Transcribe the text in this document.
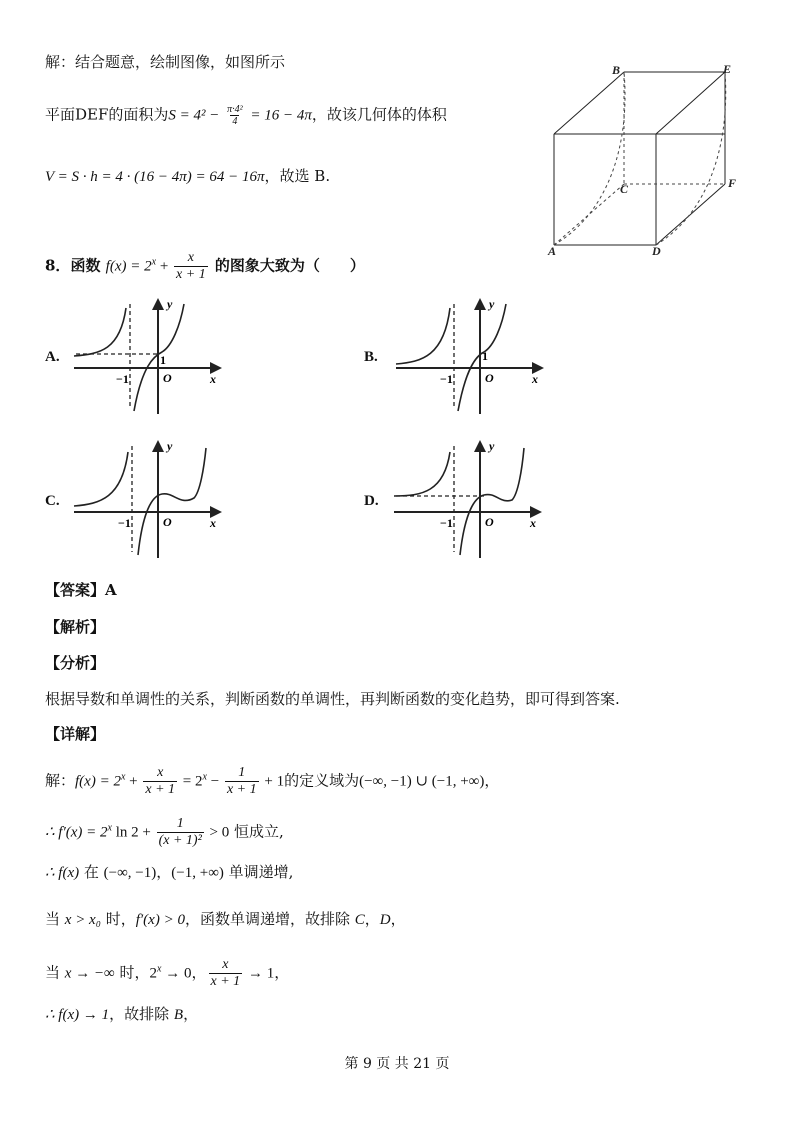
解：结合题意，绘制图像，如图所示
平面DEF的面积为$S = 4^2 - \frac{\text{π·4²}}{4} = 16 - 4\pi$，故该几何体的体积
V = S · h = 4 · (16 − 4π) = 64 − 16π，故选 B.
B	E
C	F
A	D
8．函数 $f(x) = 2^x + \frac{x}{x + 1}$ 的图象大致为（　　）
A.
y
x
O
−1
1	B.
y
x
O
−1
1
C.
y
x
O
−1
D.
y
x
O
−1
【答案】A
【解析】
【分析】
根据导数和单调性的关系，判断函数的单调性，再判断函数的变化趋势，即可得到答案.
【详解】
解：$f(x) = 2^x + \frac{x}{x + 1} = 2^x - \frac{1}{x + 1} + 1$的定义域为(−∞, −1) ∪ (−1, +∞)，
∴ $f'(x) = 2^x$ $\ln 2 + \frac{1}{\text{(x + 1)²}} > 0$ 恒成立,
∴ f(x) 在 (−∞, −1)，(−1, +∞) 单调递增,
当 x > x₀ 时，f′(x) > 0，函数单调递增，故排除 C，D，
当 x → −∞ 时，$2^x \to 0$， $\frac{x}{x + 1} \to 1$，
∴ f(x) → 1，故排除 B，
第 9 页 共 21 页
